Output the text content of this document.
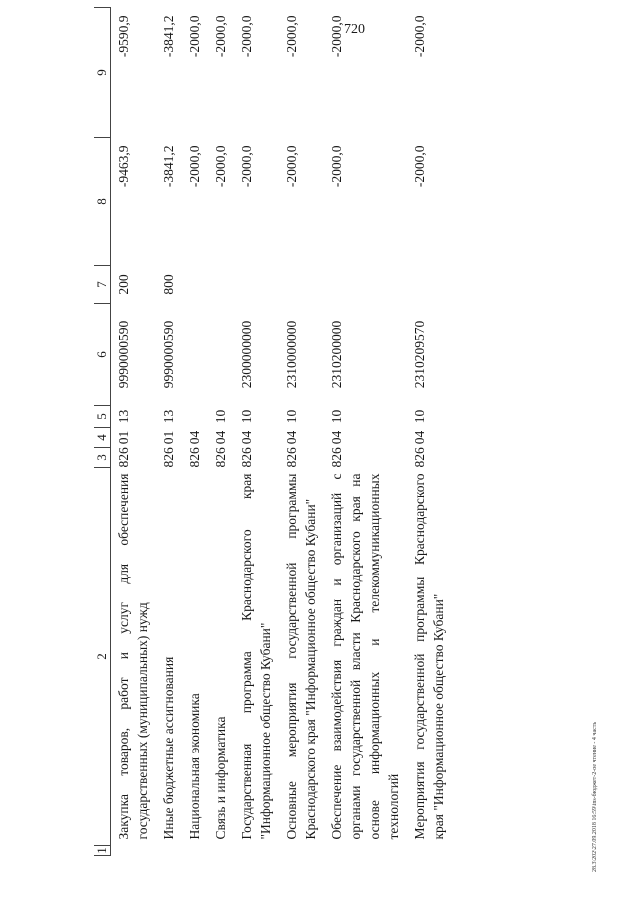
720
1	2	3	4	5	6	7	8	9
	Закупка товаров, работ и услуг для обеспечения государственных (муниципальных) нужд	826	01	13	9990000590	200	-9463,9	-9590,9
	Иные бюджетные ассигнования	826	01	13	9990000590	800	-3841,2	-3841,2
	Национальная экономика	826	04				-2000,0	-2000,0
	Связь и информатика	826	04	10			-2000,0	-2000,0
	Государственная программа Краснодарского края "Информационное общество Кубани"	826	04	10	2300000000		-2000,0	-2000,0
	Основные мероприятия государственной программы Краснодарского края "Информационное общество Кубани"	826	04	10	2310000000		-2000,0	-2000,0
	Обеспечение взаимодействия граждан и организаций с органами государственной власти Краснодарского края на основе информационных и телекоммуникационных технологий	826	04	10	2310200000		-2000,0	-2000,0
	Мероприятия государственной программы Краснодарского края "Информационное общество Кубани"	826	04	10	2310209570		-2000,0	-2000,0
28.3\202\27.09.2018 16:59\ins-бюджет-2-ое чтение - 4 часть
